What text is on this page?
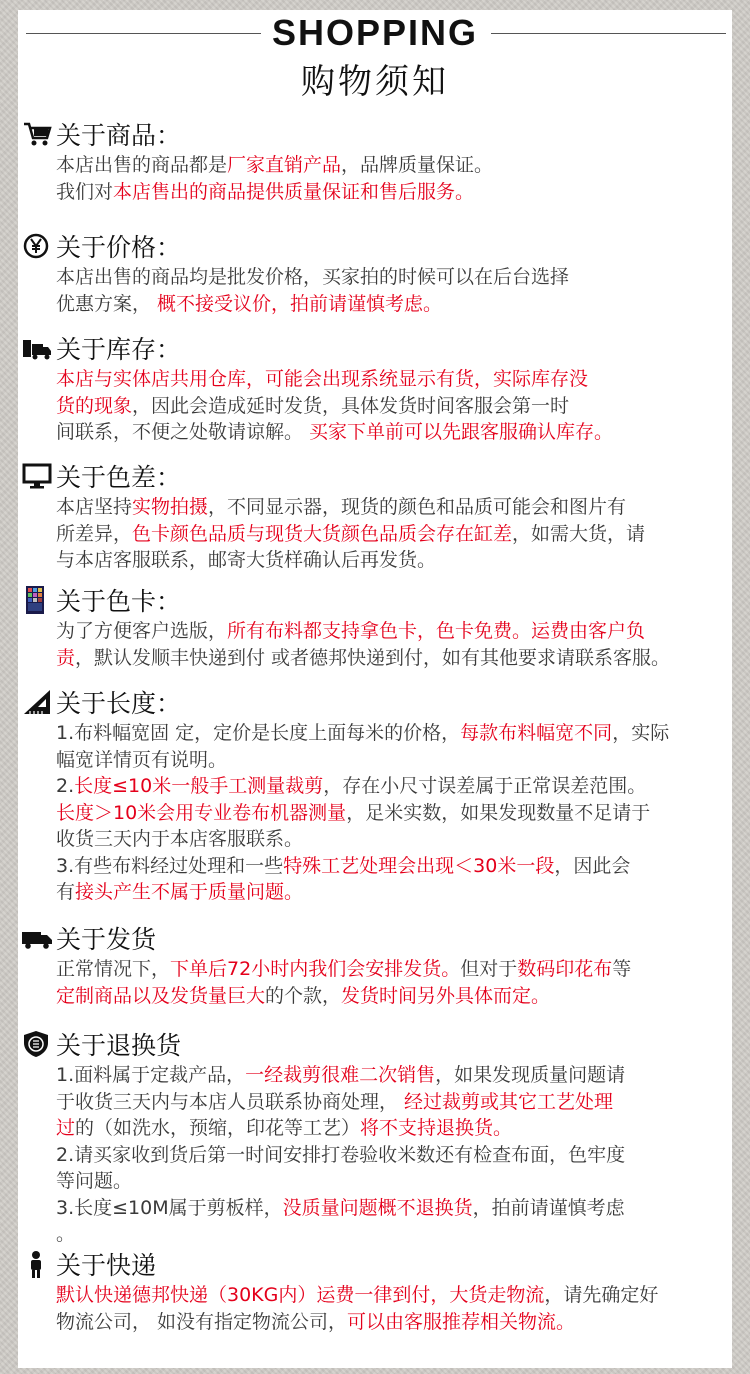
SHOPPING
购物须知
关于商品：
本店出售的商品都是厂家直销产品，品牌质量保证。
我们对本店售出的商品提供质量保证和售后服务。
关于价格：
本店出售的商品均是批发价格，买家拍的时候可以在后台选择
优惠方案， 概不接受议价，拍前请谨慎考虑。
关于库存：
本店与实体店共用仓库，可能会出现系统显示有货，实际库存没
货的现象，因此会造成延时发货，具体发货时间客服会第一时
间联系，不便之处敬请谅解。 买家下单前可以先跟客服确认库存。
关于色差：
本店坚持实物拍摄，不同显示器，现货的颜色和品质可能会和图片有
所差异，色卡颜色品质与现货大货颜色品质会存在缸差，如需大货，请
与本店客服联系，邮寄大货样确认后再发货。
关于色卡：
为了方便客户选版，所有布料都支持拿色卡，色卡免费。运费由客户负
责，默认发顺丰快递到付 或者德邦快递到付，如有其他要求请联系客服。
关于长度：
1.布料幅宽固 定，定价是长度上面每米的价格，每款布料幅宽不同，实际
幅宽详情页有说明。
2.长度≤10米一般手工测量裁剪，存在小尺寸误差属于正常误差范围。
长度＞10米会用专业卷布机器测量，足米实数，如果发现数量不足请于
收货三天内于本店客服联系。
3.有些布料经过处理和一些特殊工艺处理会出现＜30米一段，因此会
有接头产生不属于质量问题。
关于发货
正常情况下，下单后72小时内我们会安排发货。但对于数码印花布等
定制商品以及发货量巨大的个款，发货时间另外具体而定。
关于退换货
1.面料属于定裁产品，一经裁剪很难二次销售，如果发现质量问题请
于收货三天内与本店人员联系协商处理， 经过裁剪或其它工艺处理
过的（如洗水，预缩，印花等工艺）将不支持退换货。
2.请买家收到货后第一时间安排打卷验收米数还有检查布面，色牢度
等问题。
3.长度≤10M属于剪板样，没质量问题概不退换货，拍前请谨慎考虑
。
关于快递
默认快递德邦快递（30KG内）运费一律到付，大货走物流，请先确定好
物流公司， 如没有指定物流公司，可以由客服推荐相关物流。
